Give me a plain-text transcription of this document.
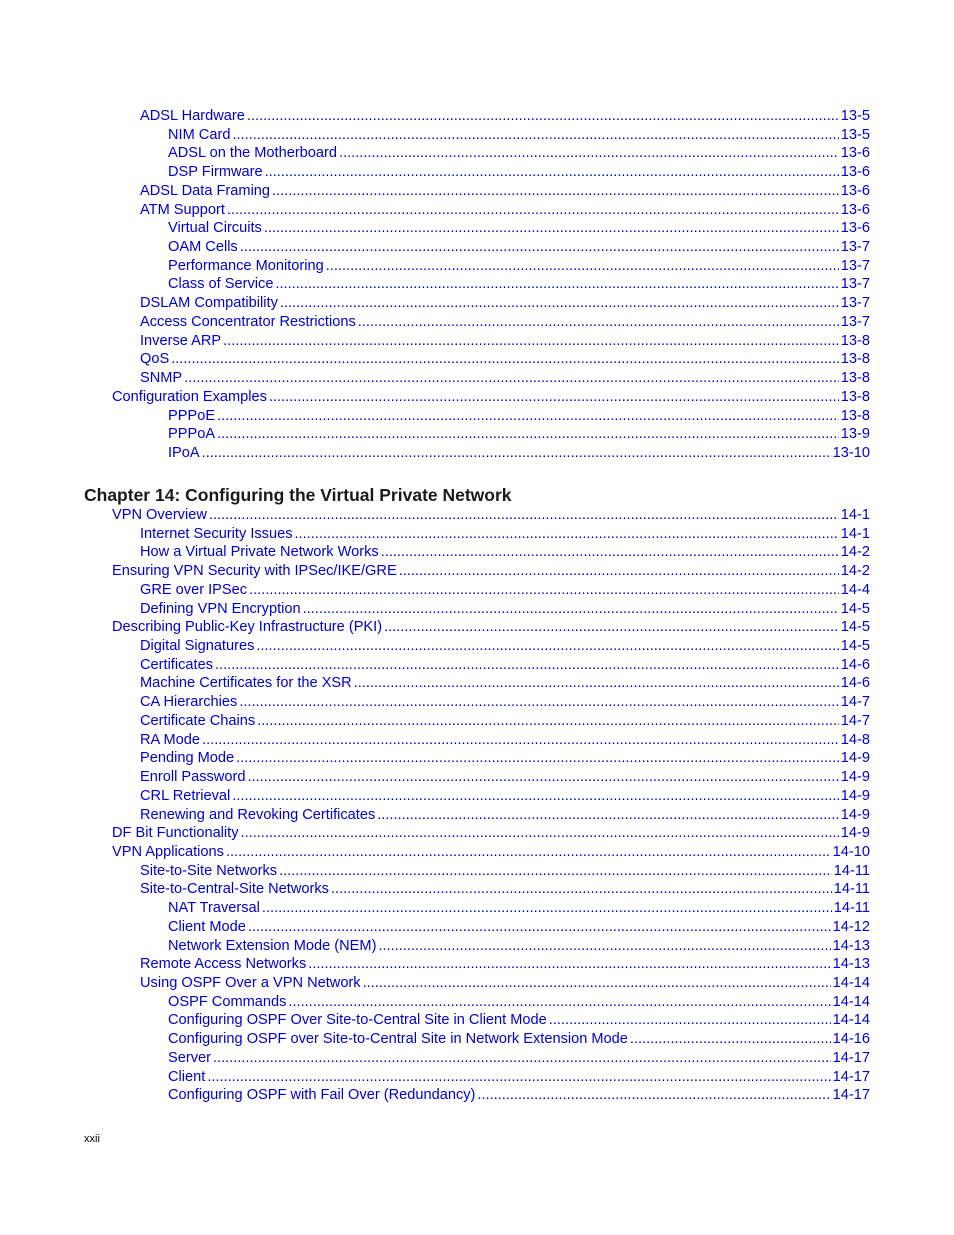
ADSL Hardware .....	13-5
NIM Card .....	13-5
ADSL on the Motherboard .....	13-6
DSP Firmware .....	13-6
ADSL Data Framing .....	13-6
ATM Support .....	13-6
Virtual Circuits .....	13-6
OAM Cells .....	13-7
Performance Monitoring .....	13-7
Class of Service .....	13-7
DSLAM Compatibility .....	13-7
Access Concentrator Restrictions .....	13-7
Inverse ARP .....	13-8
QoS .....	13-8
SNMP .....	13-8
Configuration Examples .....	13-8
PPPoE .....	13-8
PPPoA .....	13-9
IPoA .....	13-10
Chapter 14: Configuring the Virtual Private Network
VPN Overview .....	14-1
Internet Security Issues .....	14-1
How a Virtual Private Network Works .....	14-2
Ensuring VPN Security with IPSec/IKE/GRE .....	14-2
GRE over IPSec .....	14-4
Defining VPN Encryption .....	14-5
Describing Public-Key Infrastructure (PKI) .....	14-5
Digital Signatures .....	14-5
Certificates .....	14-6
Machine Certificates for the XSR .....	14-6
CA Hierarchies .....	14-7
Certificate Chains .....	14-7
RA Mode .....	14-8
Pending Mode .....	14-9
Enroll Password .....	14-9
CRL Retrieval .....	14-9
Renewing and Revoking Certificates .....	14-9
DF Bit Functionality .....	14-9
VPN Applications .....	14-10
Site-to-Site Networks .....	14-11
Site-to-Central-Site Networks .....	14-11
NAT Traversal .....	14-11
Client Mode .....	14-12
Network Extension Mode (NEM) .....	14-13
Remote Access Networks .....	14-13
Using OSPF Over a VPN Network .....	14-14
OSPF Commands .....	14-14
Configuring OSPF Over Site-to-Central Site in Client Mode .....	14-14
Configuring OSPF over Site-to-Central Site in Network Extension Mode .....	14-16
Server .....	14-17
Client .....	14-17
Configuring OSPF with Fail Over (Redundancy) .....	14-17
xxii
